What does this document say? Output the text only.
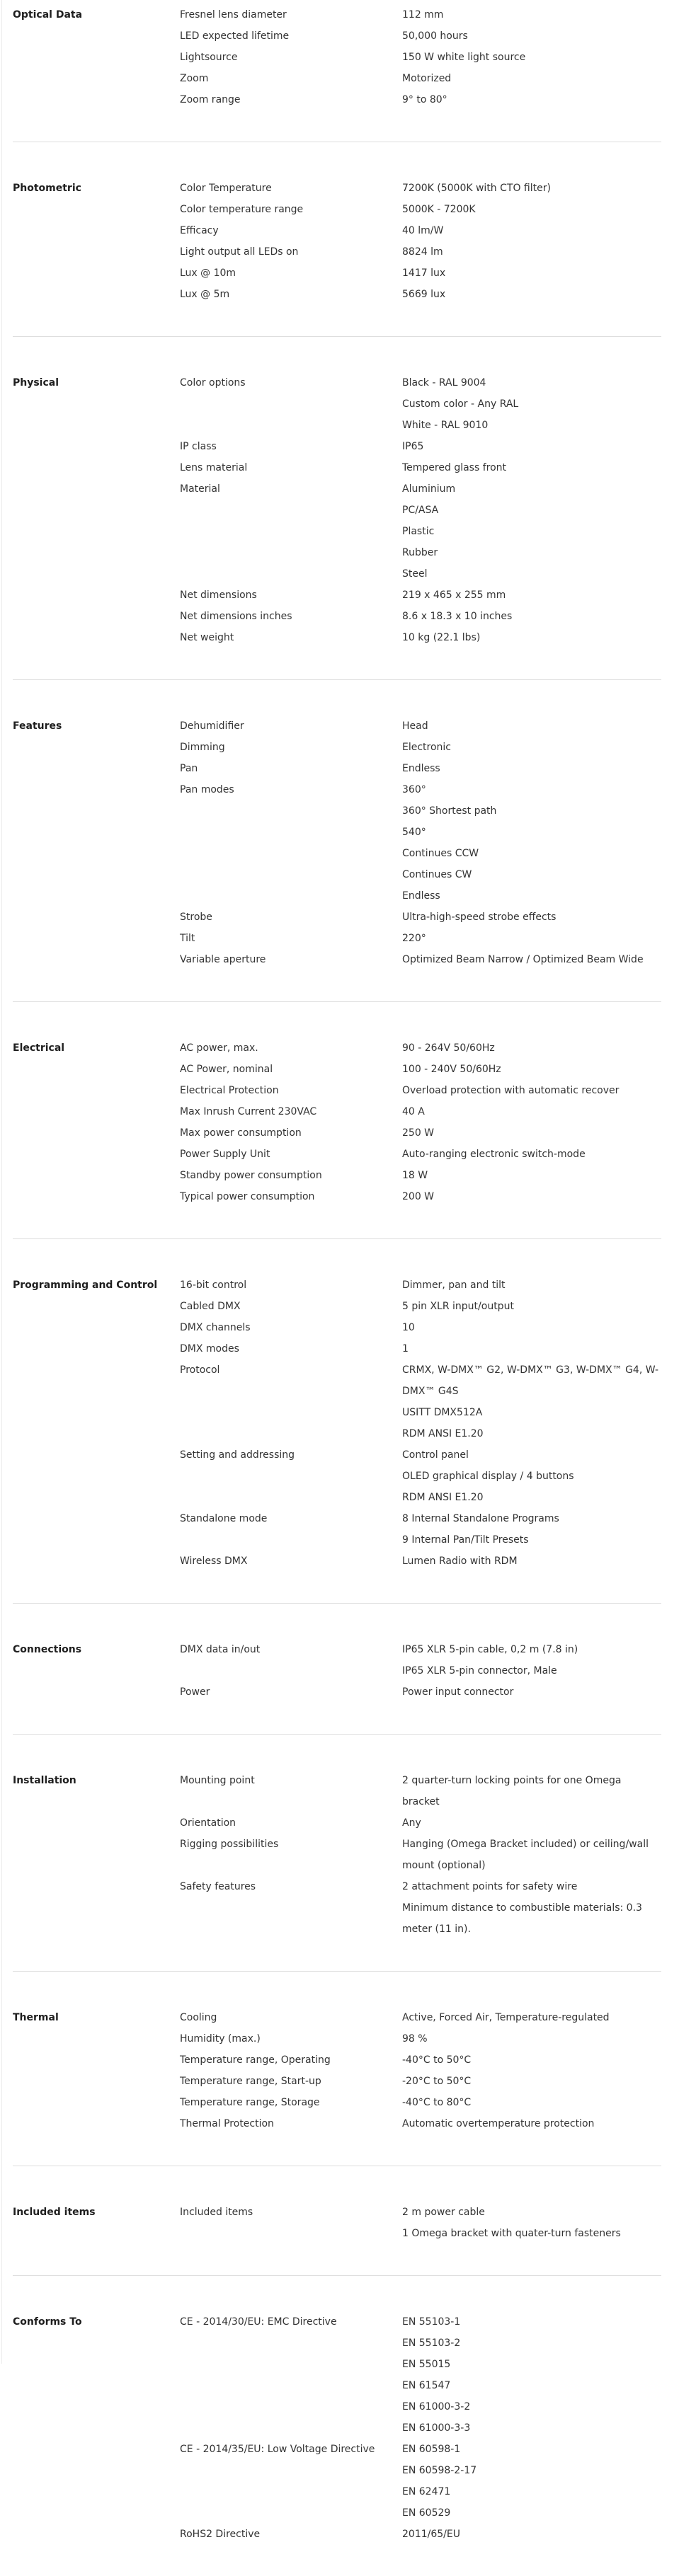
Optical Data	Fresnel lens diameter	112 mm
LED expected lifetime	50,000 hours
Lightsource	150 W white light source
Zoom	Motorized
Zoom range	9° to 80°
Photometric	Color Temperature	7200K (5000K with CTO filter)
Color temperature range	5000K - 7200K
Efficacy	40 lm/W
Light output all LEDs on	8824 lm
Lux @ 10m	1417 lux
Lux @ 5m	5669 lux
Physical	Color options	Black - RAL 9004
Custom color - Any RAL
White - RAL 9010
IP class	IP65
Lens material	Tempered glass front
Material	Aluminium
PC/ASA
Plastic
Rubber
Steel
Net dimensions	219 x 465 x 255 mm
Net dimensions inches	8.6 x 18.3 x 10 inches
Net weight	10 kg (22.1 lbs)
Features	Dehumidifier	Head
Dimming	Electronic
Pan	Endless
Pan modes	360°
360° Shortest path
540°
Continues CCW
Continues CW
Endless
Strobe	Ultra-high-speed strobe effects
Tilt	220°
Variable aperture	Optimized Beam Narrow / Optimized Beam Wide
Electrical	AC power, max.	90 - 264V 50/60Hz
AC Power, nominal	100 - 240V 50/60Hz
Electrical Protection	Overload protection with automatic recover
Max Inrush Current 230VAC	40 A
Max power consumption	250 W
Power Supply Unit	Auto-ranging electronic switch-mode
Standby power consumption	18 W
Typical power consumption	200 W
Programming and Control	16-bit control	Dimmer, pan and tilt
Cabled DMX	5 pin XLR input/output
DMX channels	10
DMX modes	1
Protocol	CRMX, W-DMX™ G2, W-DMX™ G3, W-DMX™ G4, W-DMX™ G4S
USITT DMX512A
RDM ANSI E1.20
Setting and addressing	Control panel
OLED graphical display / 4 buttons
RDM ANSI E1.20
Standalone mode	8 Internal Standalone Programs
9 Internal Pan/Tilt Presets
Wireless DMX	Lumen Radio with RDM
Connections	DMX data in/out	IP65 XLR 5-pin cable, 0,2 m (7.8 in)
IP65 XLR 5-pin connector, Male
Power	Power input connector
Installation	Mounting point	2 quarter-turn locking points for one Omega bracket
Orientation	Any
Rigging possibilities	Hanging (Omega Bracket included) or ceiling/wall mount (optional)
Safety features	2 attachment points for safety wire
Minimum distance to combustible materials: 0.3 meter (11 in).
Thermal	Cooling	Active, Forced Air, Temperature-regulated
Humidity (max.)	98 %
Temperature range, Operating	-40°C to 50°C
Temperature range, Start-up	-20°C to 50°C
Temperature range, Storage	-40°C to 80°C
Thermal Protection	Automatic overtemperature protection
Included items	Included items	2 m power cable
1 Omega bracket with quater-turn fasteners
Conforms To	CE - 2014/30/EU: EMC Directive	EN 55103-1
EN 55103-2
EN 55015
EN 61547
EN 61000-3-2
EN 61000-3-3
CE - 2014/35/EU: Low Voltage Directive	EN 60598-1
EN 60598-2-17
EN 62471
EN 60529
RoHS2 Directive	2011/65/EU
